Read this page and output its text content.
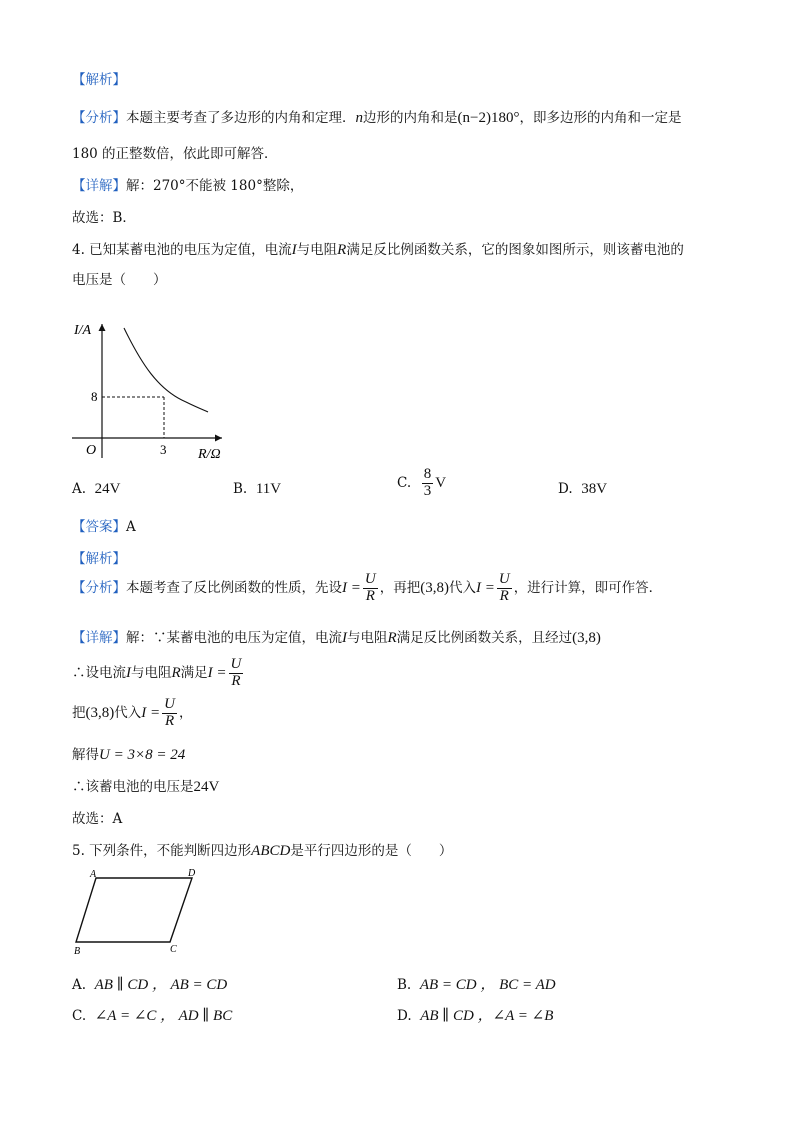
【解析】
【分析】本题主要考查了多边形的内角和定理．n边形的内角和是(n−2)180°，即多边形的内角和一定是
180 的正整数倍，依此即可解答．
【详解】解：270°不能被 180°整除，
故选：B．
4. 已知某蓄电池的电压为定值，电流I与电阻R满足反比例函数关系，它的图象如图所示，则该蓄电池的
电压是（　　）
I/A
R/Ω
O	3
8
A. 24V	B. 11V	C. $\frac{8}{3}$ V	D. 38V
【答案】A
【解析】
【分析】本题考查了反比例函数的性质，先设$I = \frac{U}{R}$ ，再把(3,8)代入$I = \frac{U}{R}$ ，进行计算，即可作答．
【详解】解：∵某蓄电池的电压为定值，电流I与电阻R满足反比例函数关系，且经过(3,8)
∴设电流I与电阻R满足$I = \frac{U}{R}$
把(3,8)代入$I = \frac{U}{R}$ ，
解得U = 3×8 = 24
∴该蓄电池的电压是24V
故选：A
5. 下列条件，不能判断四边形ABCD是平行四边形的是（　　）
A	D
B	C
A. AB ∥ CD ， AB = CD	B. AB = CD ， BC = AD
C. ∠A = ∠C ， AD ∥ BC	D. AB ∥ CD ，∠A = ∠B
